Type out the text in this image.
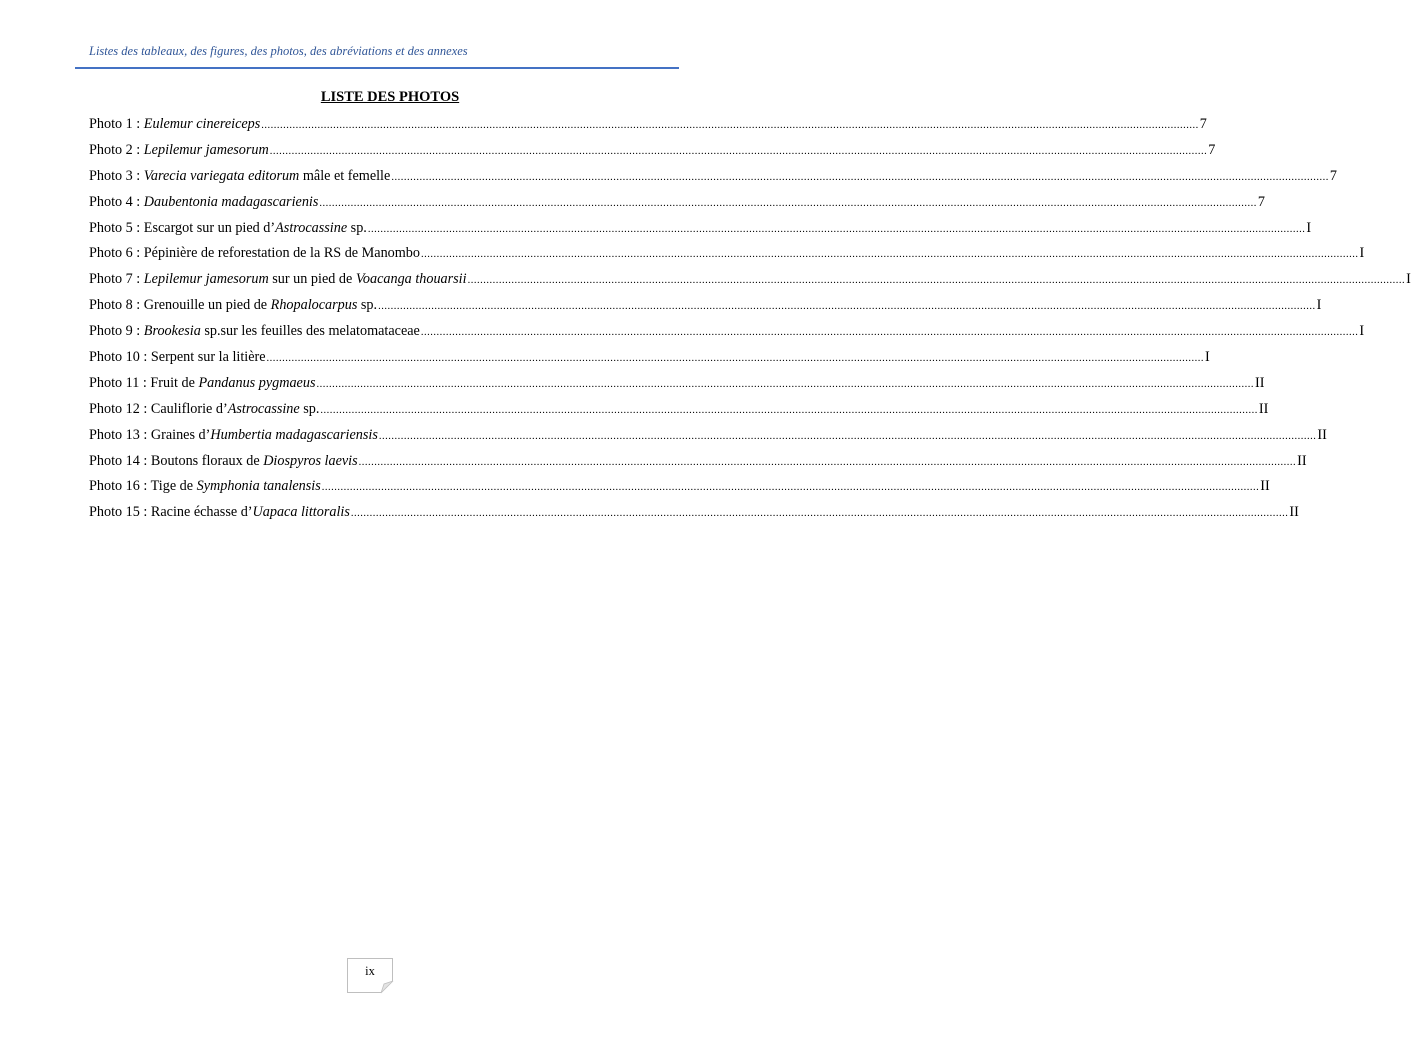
Listes des tableaux, des figures, des photos, des abréviations et des annexes
LISTE DES PHOTOS
Photo 1 : Eulemur cinereiceps ............................................................................................................................................................................................................................................................................................................ 7
Photo 2 : Lepilemur jamesorum ............................................................................................................................................................................................................................................................................................................ 7
Photo 3 : Varecia variegata editorum mâle et femelle ............................................................................................................................................................................................................................................................................................................ 7
Photo 4 : Daubentonia madagascarienis ............................................................................................................................................................................................................................................................................................................ 7
Photo 5 : Escargot sur un pied d’Astrocassine sp. ............................................................................................................................................................................................................................................................................................................ I
Photo 6 : Pépinière de reforestation de la RS de Manombo ............................................................................................................................................................................................................................................................................................................ I
Photo 7 : Lepilemur jamesorum sur un pied de Voacanga thouarsii ............................................................................................................................................................................................................................................................................................................ I
Photo 8 : Grenouille un pied de Rhopalocarpus sp. ............................................................................................................................................................................................................................................................................................................ I
Photo 9 : Brookesia sp.sur les feuilles des melatomataceae ............................................................................................................................................................................................................................................................................................................ I
Photo 10 : Serpent sur la litière ............................................................................................................................................................................................................................................................................................................ I
Photo 11 : Fruit de Pandanus pygmaeus ............................................................................................................................................................................................................................................................................................................ II
Photo 12 : Cauliflorie d’Astrocassine sp. ............................................................................................................................................................................................................................................................................................................ II
Photo 13 : Graines d’Humbertia madagascariensis ............................................................................................................................................................................................................................................................................................................ II
Photo 14 : Boutons floraux de Diospyros laevis ............................................................................................................................................................................................................................................................................................................ II
Photo 16 : Tige de Symphonia tanalensis ............................................................................................................................................................................................................................................................................................................ II
Photo 15 : Racine échasse d’Uapaca littoralis ............................................................................................................................................................................................................................................................................................................ II
ix
